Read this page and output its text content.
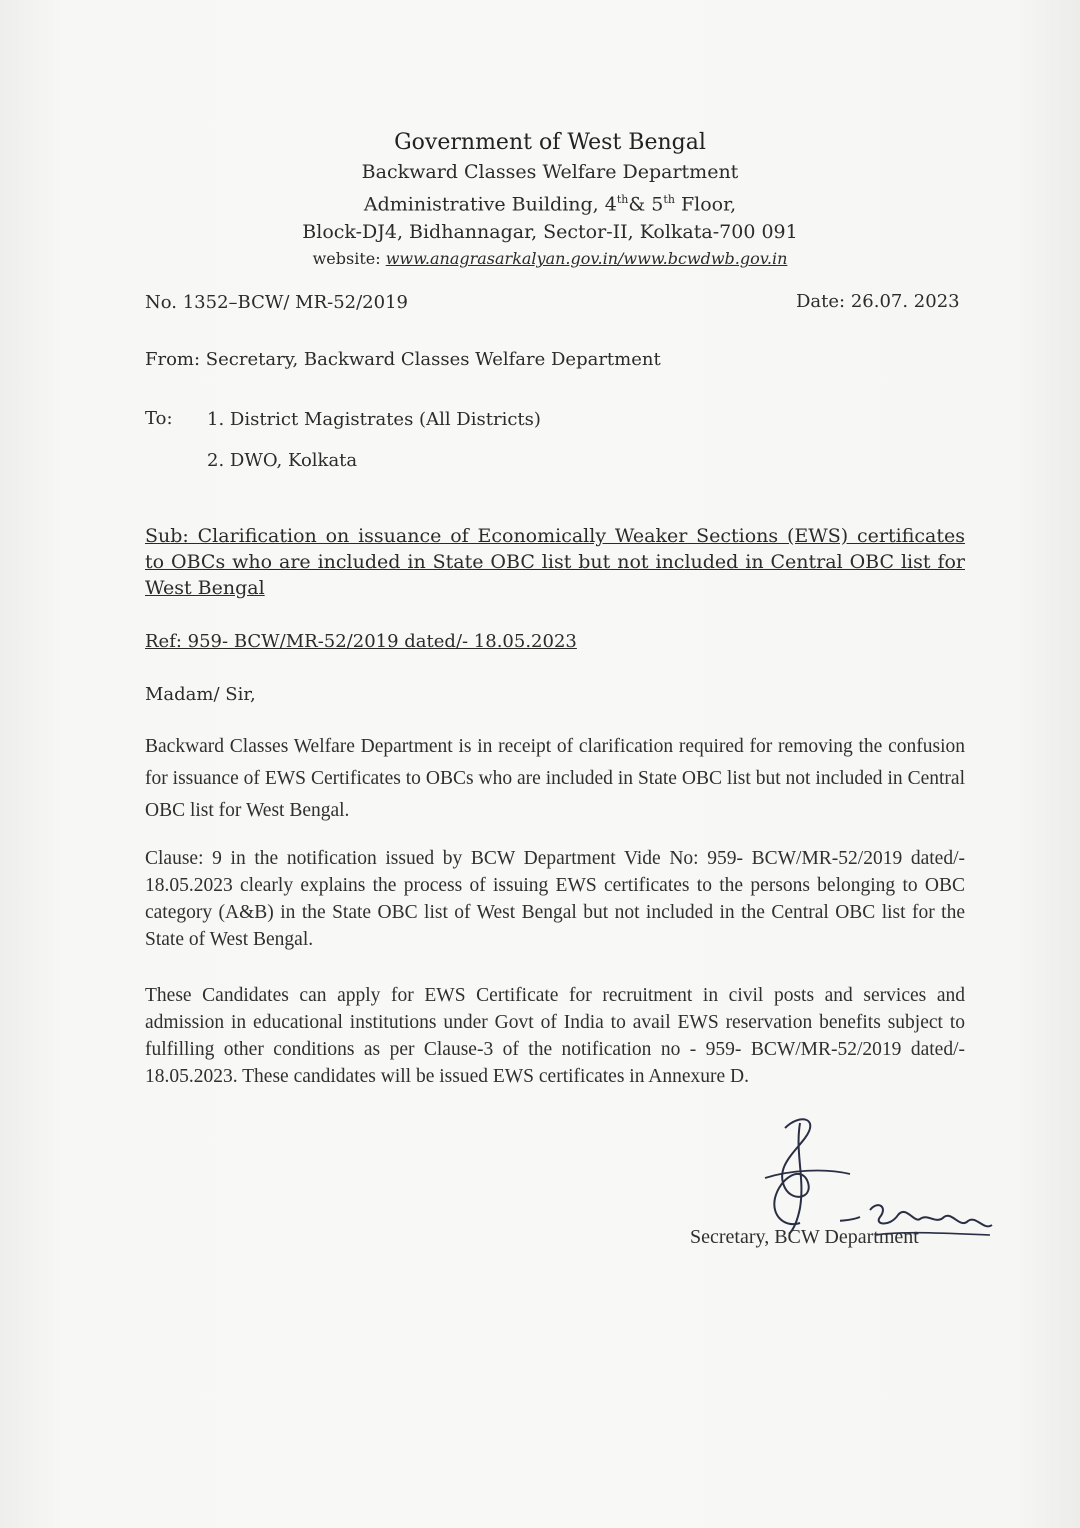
Government of West Bengal
Backward Classes Welfare Department
Administrative Building, 4th& 5th Floor,
Block-DJ4, Bidhannagar, Sector-II, Kolkata-700 091
website: www.anagrasarkalyan.gov.in/www.bcwdwb.gov.in
No. 1352–BCW/ MR-52/2019	Date: 26.07. 2023
From: Secretary, Backward Classes Welfare Department
To: 1. District Magistrates (All Districts)
2. DWO, Kolkata
Sub: Clarification on issuance of Economically Weaker Sections (EWS) certificates to OBCs who are included in State OBC list but not included in Central OBC list for West Bengal
Ref: 959- BCW/MR-52/2019 dated/- 18.05.2023
Madam/ Sir,
Backward Classes Welfare Department is in receipt of clarification required for removing the confusion for issuance of EWS Certificates to OBCs who are included in State OBC list but not included in Central OBC list for West Bengal.
Clause: 9 in the notification issued by BCW Department Vide No: 959- BCW/MR-52/2019 dated/- 18.05.2023 clearly explains the process of issuing EWS certificates to the persons belonging to OBC category (A&B) in the State OBC list of West Bengal but not included in the Central OBC list for the State of West Bengal.
These Candidates can apply for EWS Certificate for recruitment in civil posts and services and admission in educational institutions under Govt of India to avail EWS reservation benefits subject to fulfilling other conditions as per Clause-3 of the notification no - 959- BCW/MR-52/2019 dated/- 18.05.2023. These candidates will be issued EWS certificates in Annexure D.
Secretary, BCW Department
